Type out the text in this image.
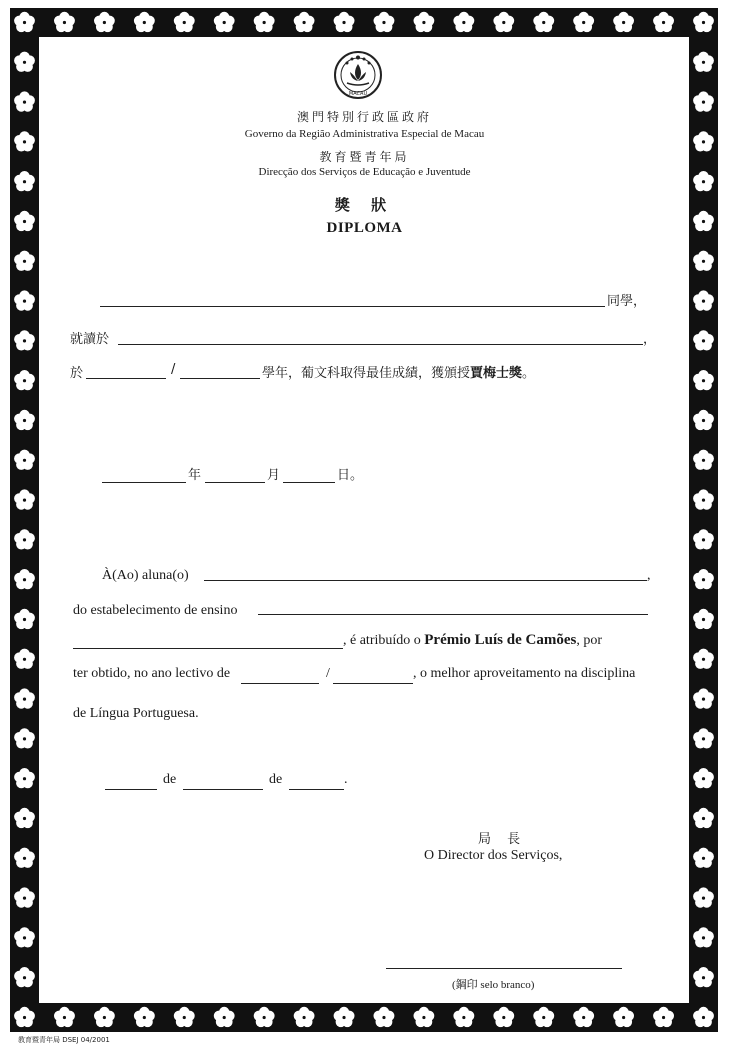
MACAU
澳門特別行政區政府
Governo da Região Administrativa Especial de Macau
教育暨青年局
Direcção dos Serviços de Educação e Juventude
獎 狀
DIPLOMA
同學，
就讀於	，
於	/	學年，葡文科取得最佳成績，獲頒授賈梅士獎。
年	月	日。
À(Ao) aluna(o)	,
do estabelecimento de ensino
, é atribuído o Prémio Luís de Camões, por
ter obtido, no ano lectivo de	/	, o melhor aproveitamento na disciplina
de Língua Portuguesa.
de	de	.
局 長
O Director dos Serviços,
(鋼印 selo branco)
教育暨青年局 DSEJ 04/2001
